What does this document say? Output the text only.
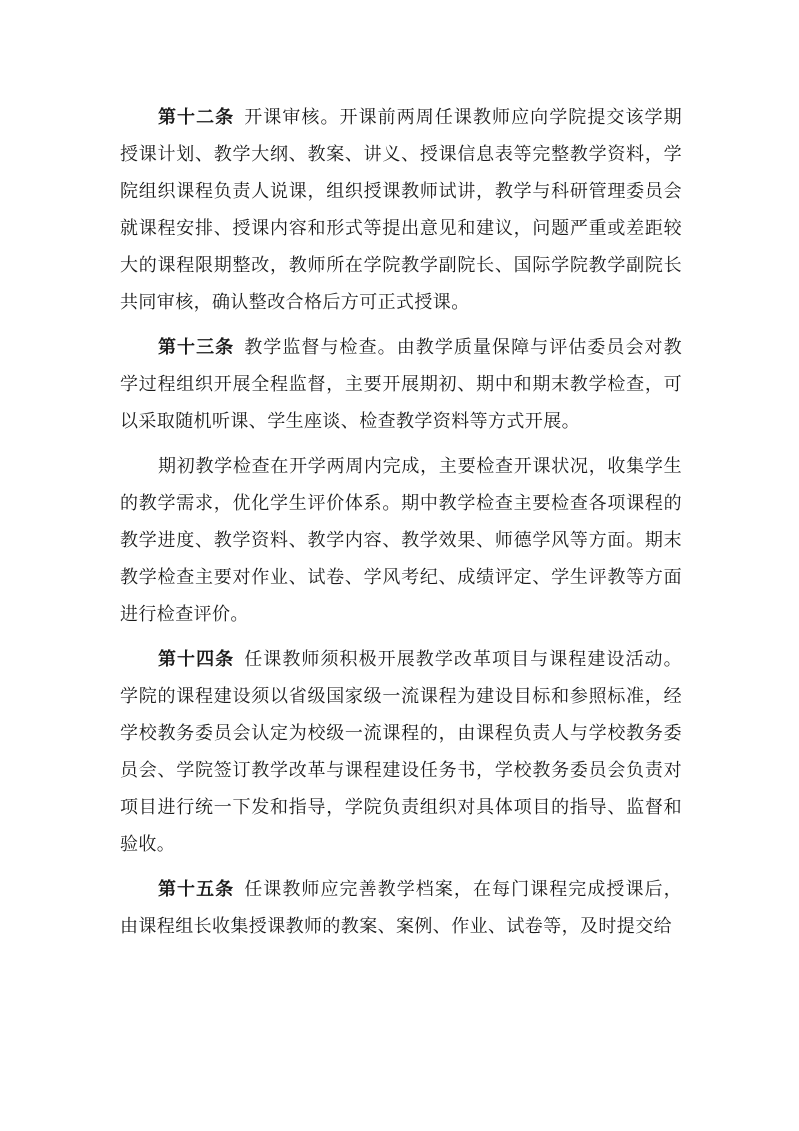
第十二条 开课审核。开课前两周任课教师应向学院提交该学期授课计划、教学大纲、教案、讲义、授课信息表等完整教学资料，学院组织课程负责人说课，组织授课教师试讲，教学与科研管理委员会就课程安排、授课内容和形式等提出意见和建议，问题严重或差距较大的课程限期整改，教师所在学院教学副院长、国际学院教学副院长共同审核，确认整改合格后方可正式授课。

第十三条 教学监督与检查。由教学质量保障与评估委员会对教学过程组织开展全程监督，主要开展期初、期中和期末教学检查，可以采取随机听课、学生座谈、检查教学资料等方式开展。

期初教学检查在开学两周内完成，主要检查开课状况，收集学生的教学需求，优化学生评价体系。期中教学检查主要检查各项课程的教学进度、教学资料、教学内容、教学效果、师德学风等方面。期末教学检查主要对作业、试卷、学风考纪、成绩评定、学生评教等方面进行检查评价。

第十四条 任课教师须积极开展教学改革项目与课程建设活动。学院的课程建设须以省级国家级一流课程为建设目标和参照标准，经学校教务委员会认定为校级一流课程的，由课程负责人与学校教务委员会、学院签订教学改革与课程建设任务书，学校教务委员会负责对项目进行统一下发和指导，学院负责组织对具体项目的指导、监督和验收。

第十五条 任课教师应完善教学档案，在每门课程完成授课后，由课程组长收集授课教师的教案、案例、作业、试卷等，及时提交给
